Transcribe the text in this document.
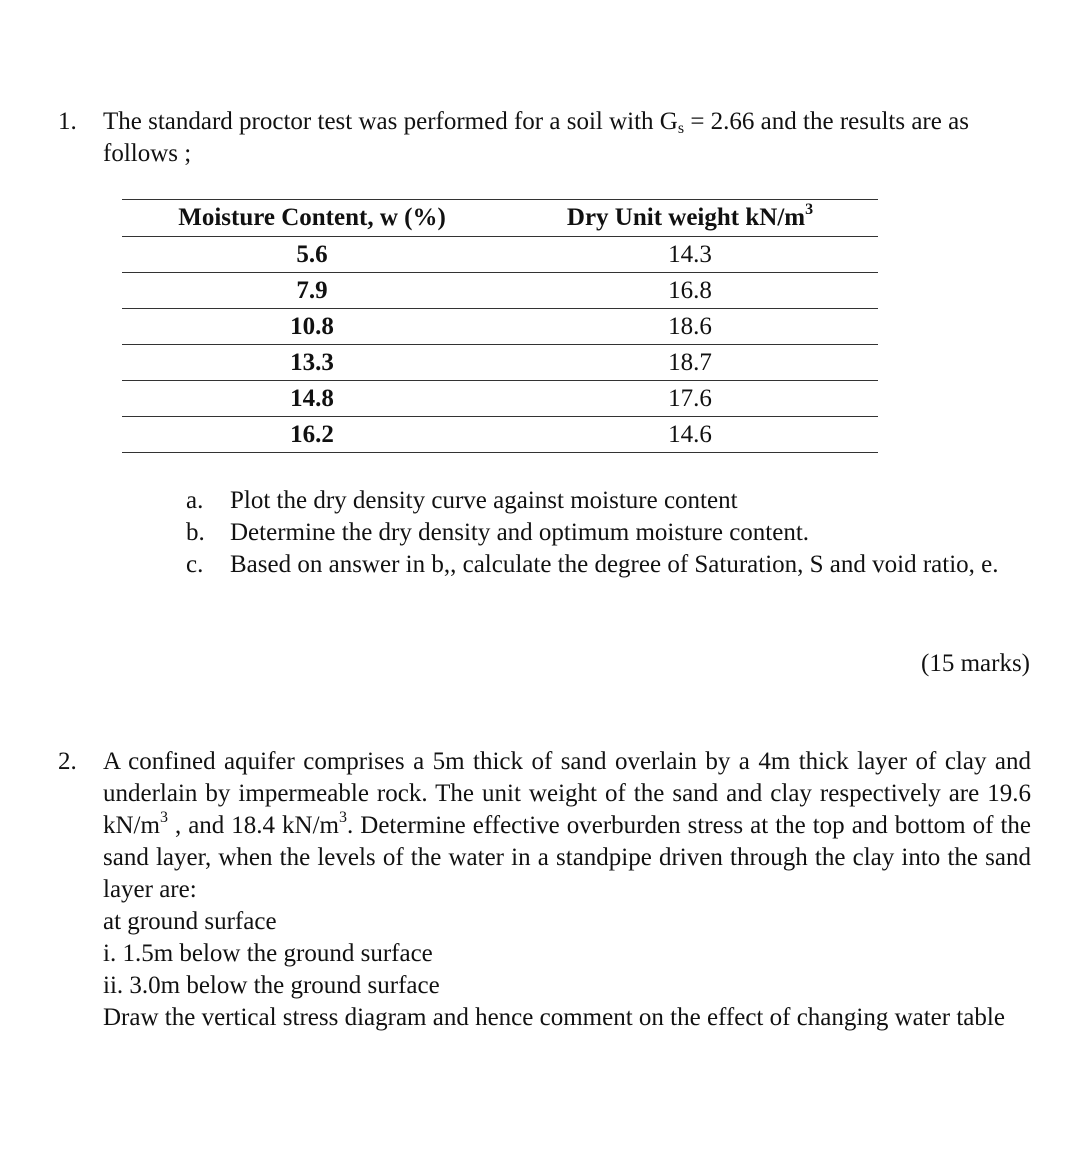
1. The standard proctor test was performed for a soil with $G_s = 2.66$ and the results are as follows ;
Moisture Content, w (%)	Dry Unit weight $kN/m^3$
5.6	14.3
7.9	16.8
10.8	18.6
13.3	18.7
14.8	17.6
16.2	14.6
a. Plot the dry density curve against moisture content
b. Determine the dry density and optimum moisture content.
c. Based on answer in b,, calculate the degree of Saturation, S and void ratio, e.
(15 marks)
2. A confined aquifer comprises a 5m thick of sand overlain by a 4m thick layer of clay and underlain by impermeable rock. The unit weight of the sand and clay respectively are 19.6 $kN/m^3$ , and 18.4 $kN/m^3$. Determine effective overburden stress at the top and bottom of the sand layer, when the levels of the water in a standpipe driven through the clay into the sand layer are:
at ground surface
i. 1.5m below the ground surface
ii. 3.0m below the ground surface
Draw the vertical stress diagram and hence comment on the effect of changing water table
